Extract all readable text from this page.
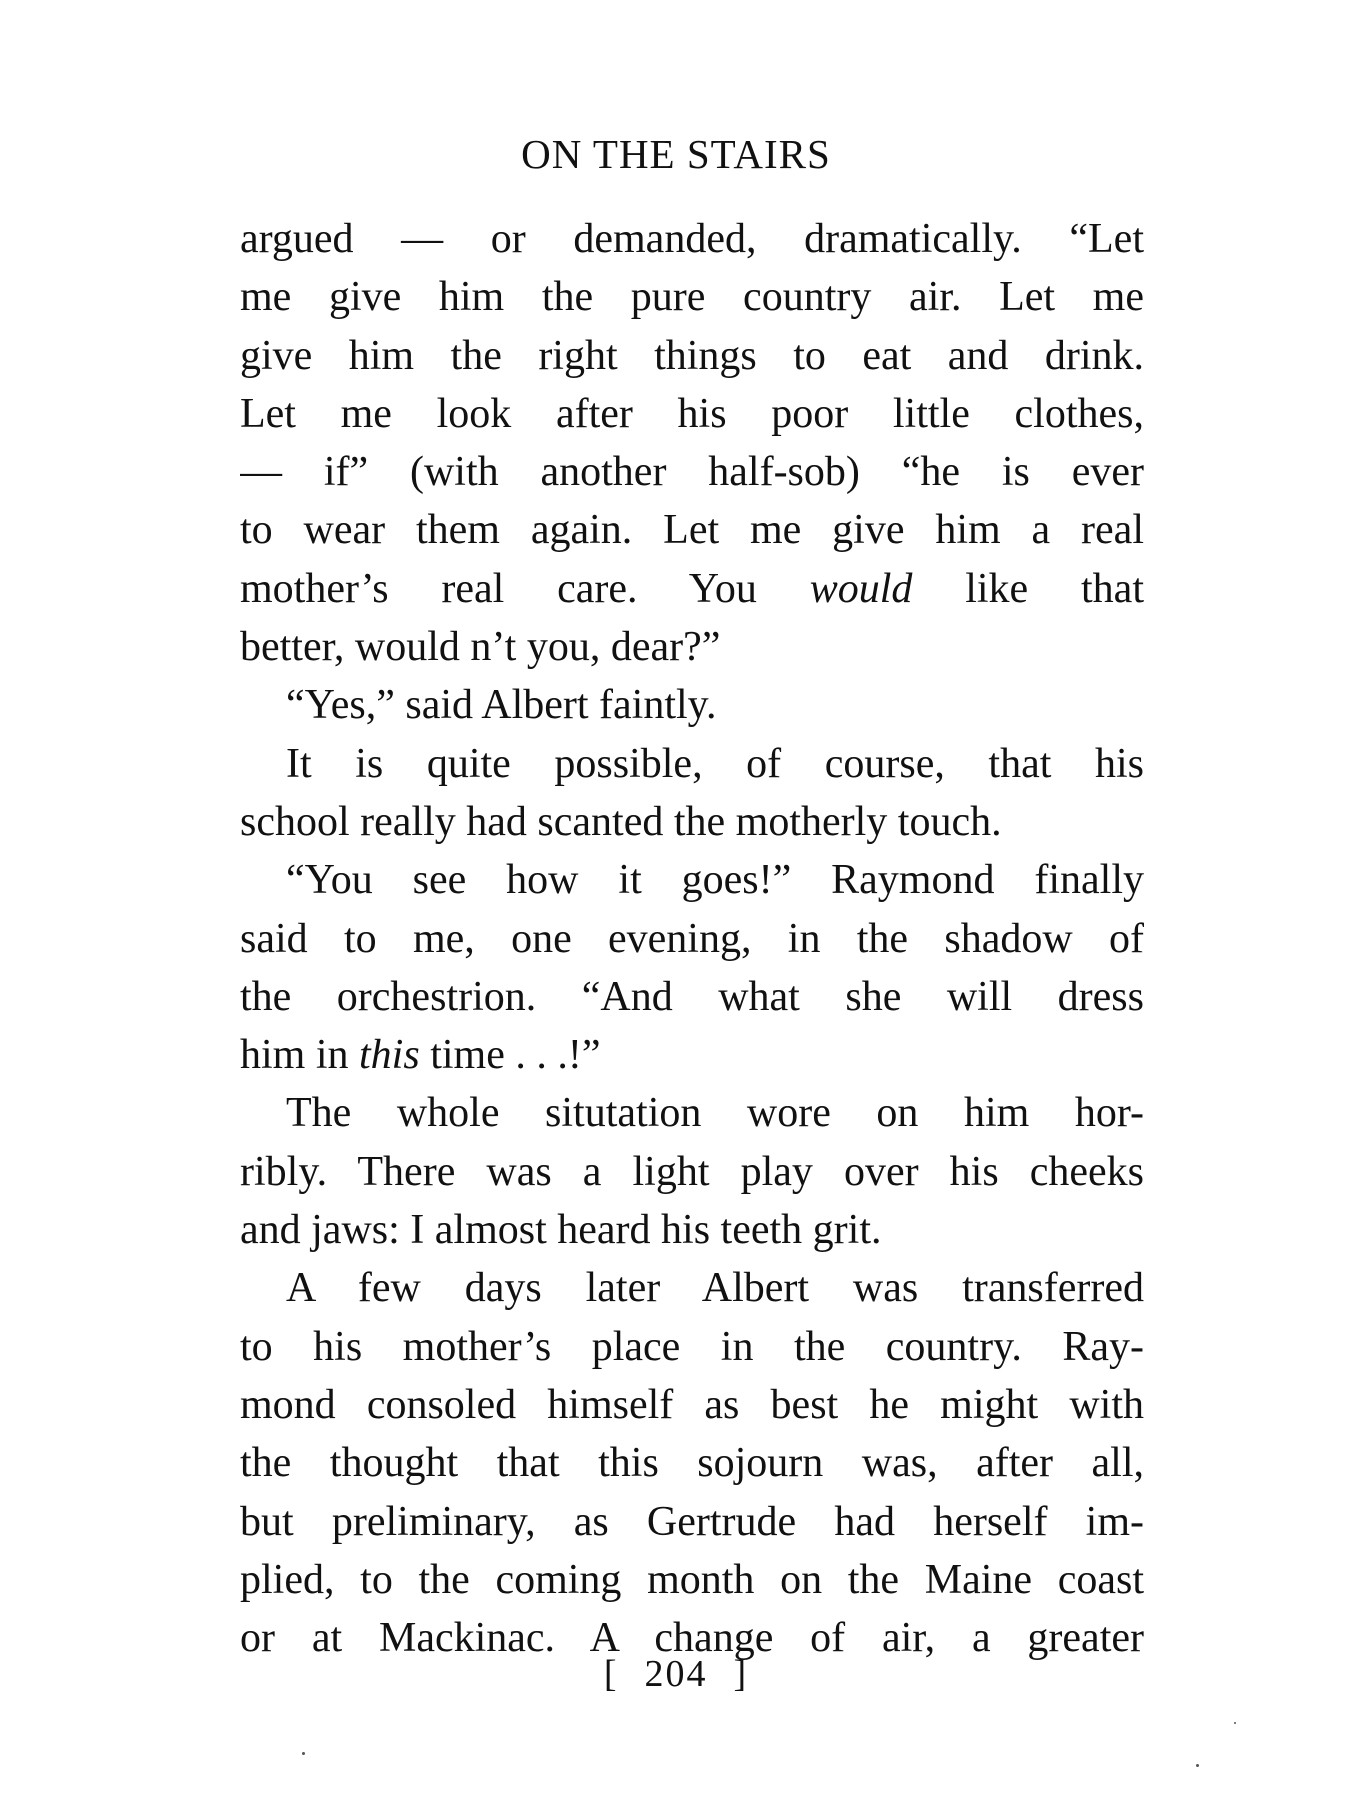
ON THE STAIRS
argued — or demanded, dramatically. “Let
me give him the pure country air. Let me
give him the right things to eat and drink.
Let me look after his poor little clothes,
— if” (with another half-sob) “he is ever
to wear them again. Let me give him a real
mother’s real care. You would like that
better, would n’t you, dear?”
“Yes,” said Albert faintly.
It is quite possible, of course, that his
school really had scanted the motherly touch.
“You see how it goes!” Raymond finally
said to me, one evening, in the shadow of
the orchestrion. “And what she will dress
him in this time . . .!”
The whole situtation wore on him hor-
ribly. There was a light play over his cheeks
and jaws: I almost heard his teeth grit.
A few days later Albert was transferred
to his mother’s place in the country. Ray-
mond consoled himself as best he might with
the thought that this sojourn was, after all,
but preliminary, as Gertrude had herself im-
plied, to the coming month on the Maine coast
or at Mackinac. A change of air, a greater
[ 204 ]
